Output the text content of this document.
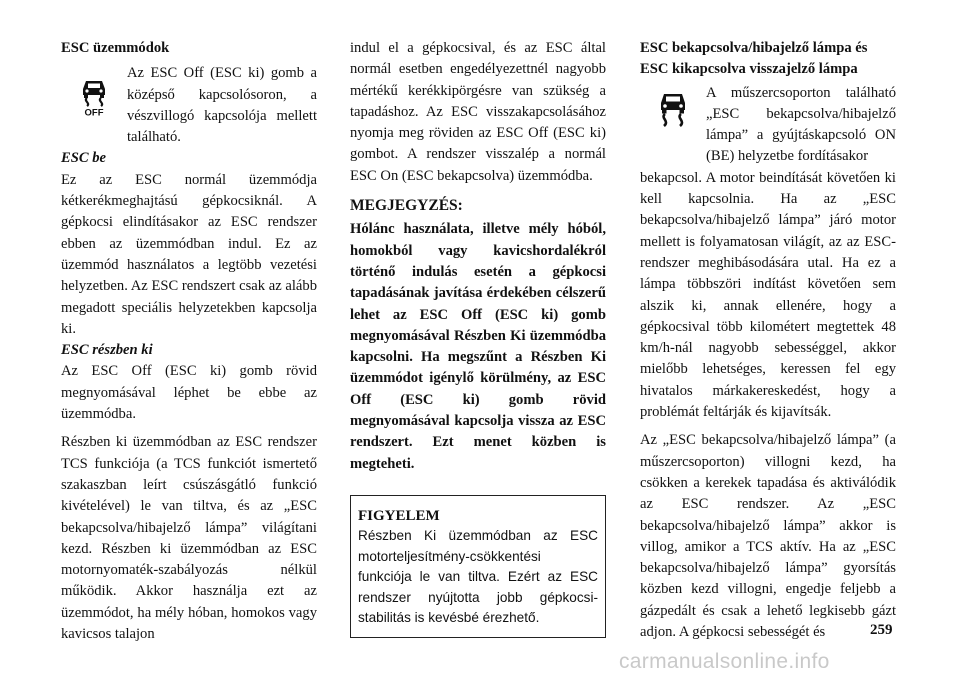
ESC üzemmódok
OFF
Az ESC Off (ESC ki) gomb a középső kapcsolósoron, a vészvillogó kapcsolója mellett található.
ESC be

Ez az ESC normál üzemmódja kétkerékmeghajtású gépkocsiknál. A gépkocsi elindításakor az ESC rendszer ebben az üzemmódban indul. Ez az üzemmód használatos a legtöbb vezetési helyzetben. Az ESC rendszert csak az alább megadott speciális helyzetekben kapcsolja ki.

ESC részben ki

Az ESC Off (ESC ki) gomb rövid megnyomásával léphet be ebbe az üzemmódba.

Részben ki üzemmódban az ESC rendszer TCS funkciója (a TCS funkciót ismertető szakaszban leírt csúszásgátló funkció kivételével) le van tiltva, és az „ESC bekapcsolva/hibajelző lámpa” világítani kezd. Részben ki üzemmódban az ESC motornyomaték-szabályozás nélkül működik. Akkor használja ezt az üzemmódot, ha mély hóban, homokos vagy kavicsos talajon

indul el a gépkocsival, és az ESC által normál esetben engedélyezettnél nagyobb mértékű kerékkipörgésre van szükség a tapadáshoz. Az ESC visszakapcsolásához nyomja meg röviden az ESC Off (ESC ki) gombot. A rendszer visszalép a normál ESC On (ESC bekapcsolva) üzemmódba.

MEGJEGYZÉS:

Hólánc használata, illetve mély hóból, homokból vagy kavicshordalékról történő indulás esetén a gépkocsi tapadásának javítása érdekében célszerű lehet az ESC Off (ESC ki) gomb megnyomásával Részben Ki üzemmódba kapcsolni. Ha megszűnt a Részben Ki üzemmódot igénylő körülmény, az ESC Off (ESC ki) gomb rövid megnyomásával kapcsolja vissza az ESC rendszert. Ezt menet közben is megteheti.

FIGYELEM

Részben Ki üzemmódban az ESC motorteljesítmény-csökkentési funkciója le van tiltva. Ezért az ESC rendszer nyújtotta jobb gépkocsi-stabilitás is kevésbé érezhető.

ESC bekapcsolva/hibajelző lámpa és ESC kikapcsolva visszajelző lámpa
A műszercsoporton található „ESC bekapcsolva/hibajelző lámpa” a gyújtáskapcsoló ON (BE) helyzetbe fordításakor

bekapcsol. A motor beindítását követően ki kell kapcsolnia. Ha az „ESC bekapcsolva/hibajelző lámpa” járó motor mellett is folyamatosan világít, az az ESC-rendszer meghibásodására utal. Ha ez a lámpa többszöri indítást követően sem alszik ki, annak ellenére, hogy a gépkocsival több kilométert megtettek 48 km/h-nál nagyobb sebességgel, akkor mielőbb lehetséges, keressen fel egy hivatalos márkakereskedést, hogy a problémát feltárják és kijavítsák.

Az „ESC bekapcsolva/hibajelző lámpa” (a műszercsoporton) villogni kezd, ha csökken a kerekek tapadása és aktiválódik az ESC rendszer. Az „ESC bekapcsolva/hibajelző lámpa” akkor is villog, amikor a TCS aktív. Ha az „ESC bekapcsolva/hibajelző lámpa” gyorsítás közben kezd villogni, engedje feljebb a gázpedált és csak a lehető legkisebb gázt adjon. A gépkocsi sebességét és	259
carmanualsonline.info
